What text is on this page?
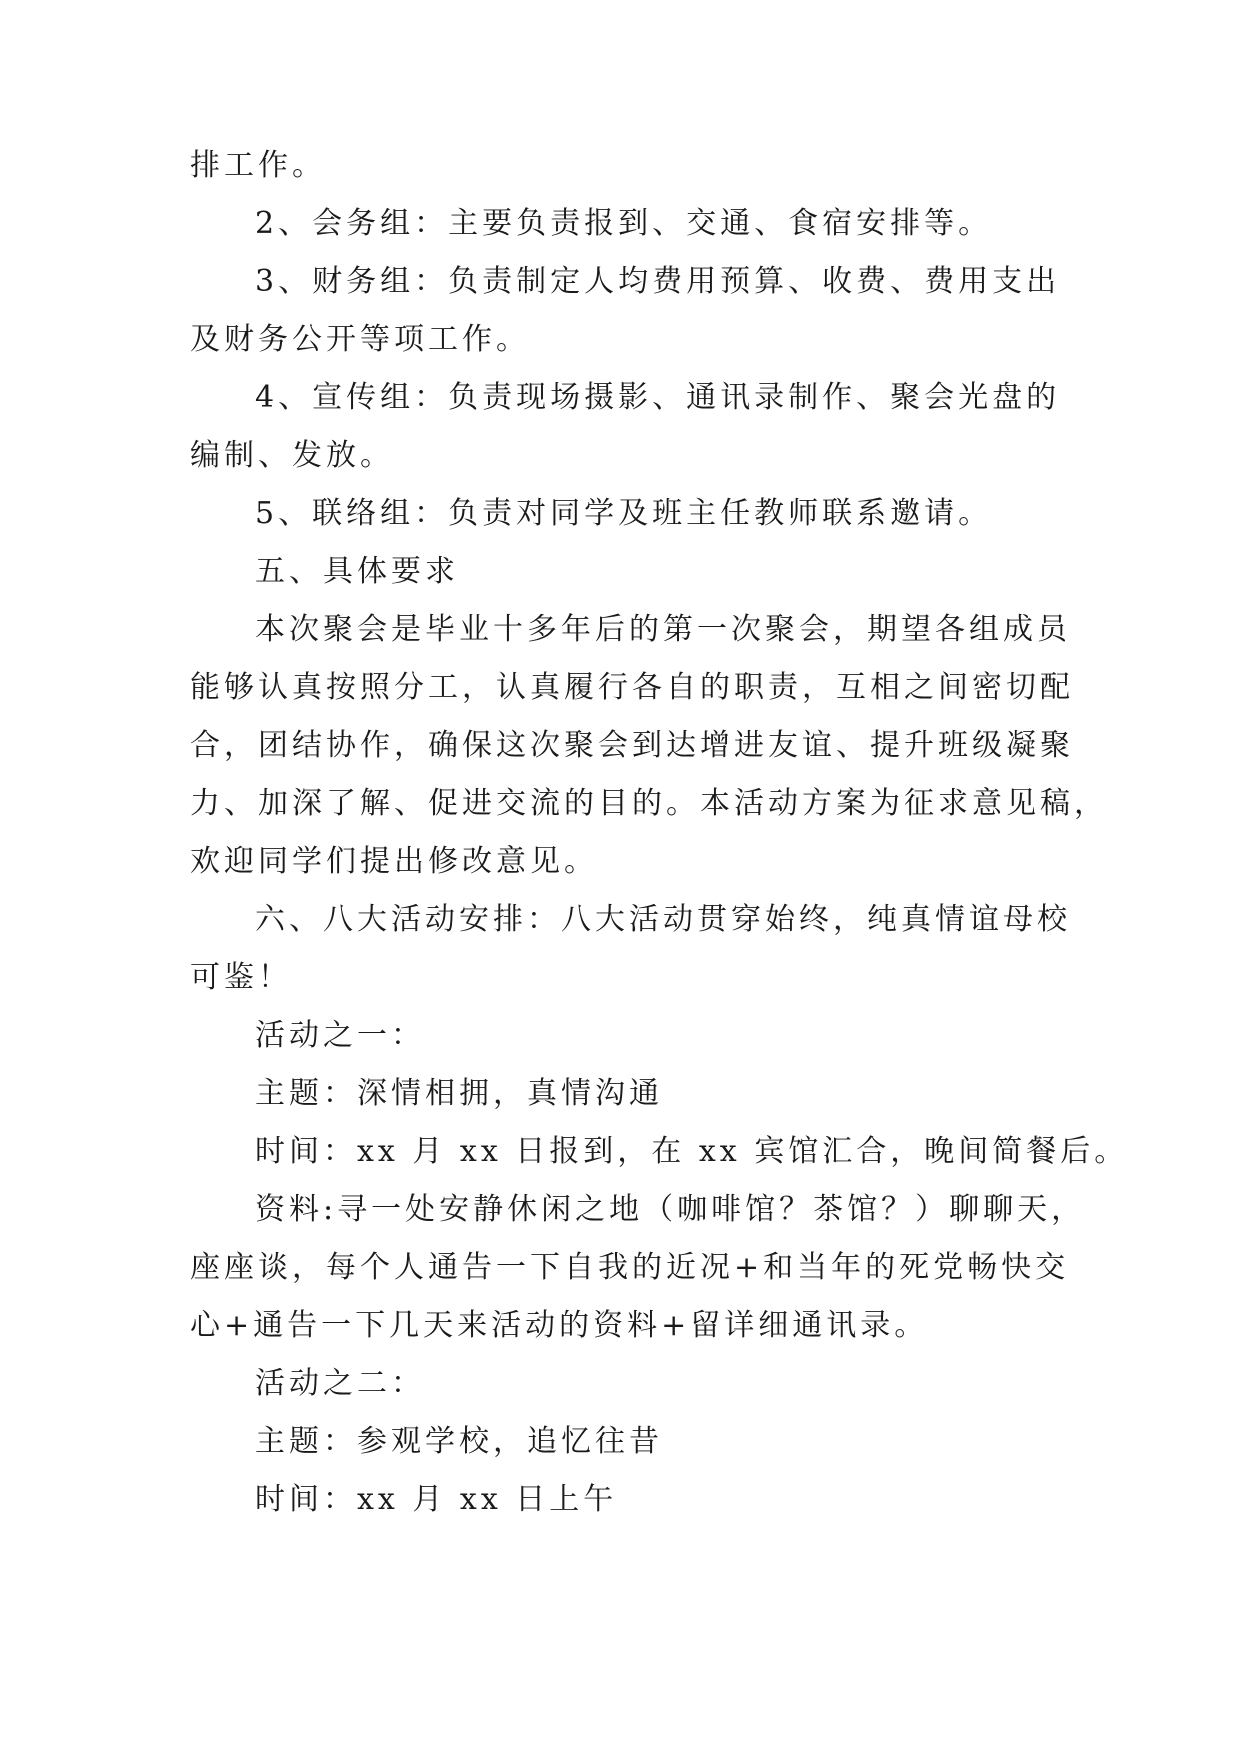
排工作。
2、会务组：主要负责报到、交通、食宿安排等。
3、财务组：负责制定人均费用预算、收费、费用支出
及财务公开等项工作。
4、宣传组：负责现场摄影、通讯录制作、聚会光盘的
编制、发放。
5、联络组：负责对同学及班主任教师联系邀请。
五、具体要求
本次聚会是毕业十多年后的第一次聚会，期望各组成员
能够认真按照分工，认真履行各自的职责，互相之间密切配
合，团结协作，确保这次聚会到达增进友谊、提升班级凝聚
力、加深了解、促进交流的目的。本活动方案为征求意见稿，
欢迎同学们提出修改意见。
六、八大活动安排：八大活动贯穿始终，纯真情谊母校
可鉴！
活动之一：
主题：深情相拥，真情沟通
时间：xx 月 xx 日报到，在 xx 宾馆汇合，晚间简餐后。
资料:寻一处安静休闲之地（咖啡馆？茶馆？）聊聊天，
座座谈，每个人通告一下自我的近况+和当年的死党畅快交
心+通告一下几天来活动的资料+留详细通讯录。
活动之二：
主题：参观学校，追忆往昔
时间：xx 月 xx 日上午
